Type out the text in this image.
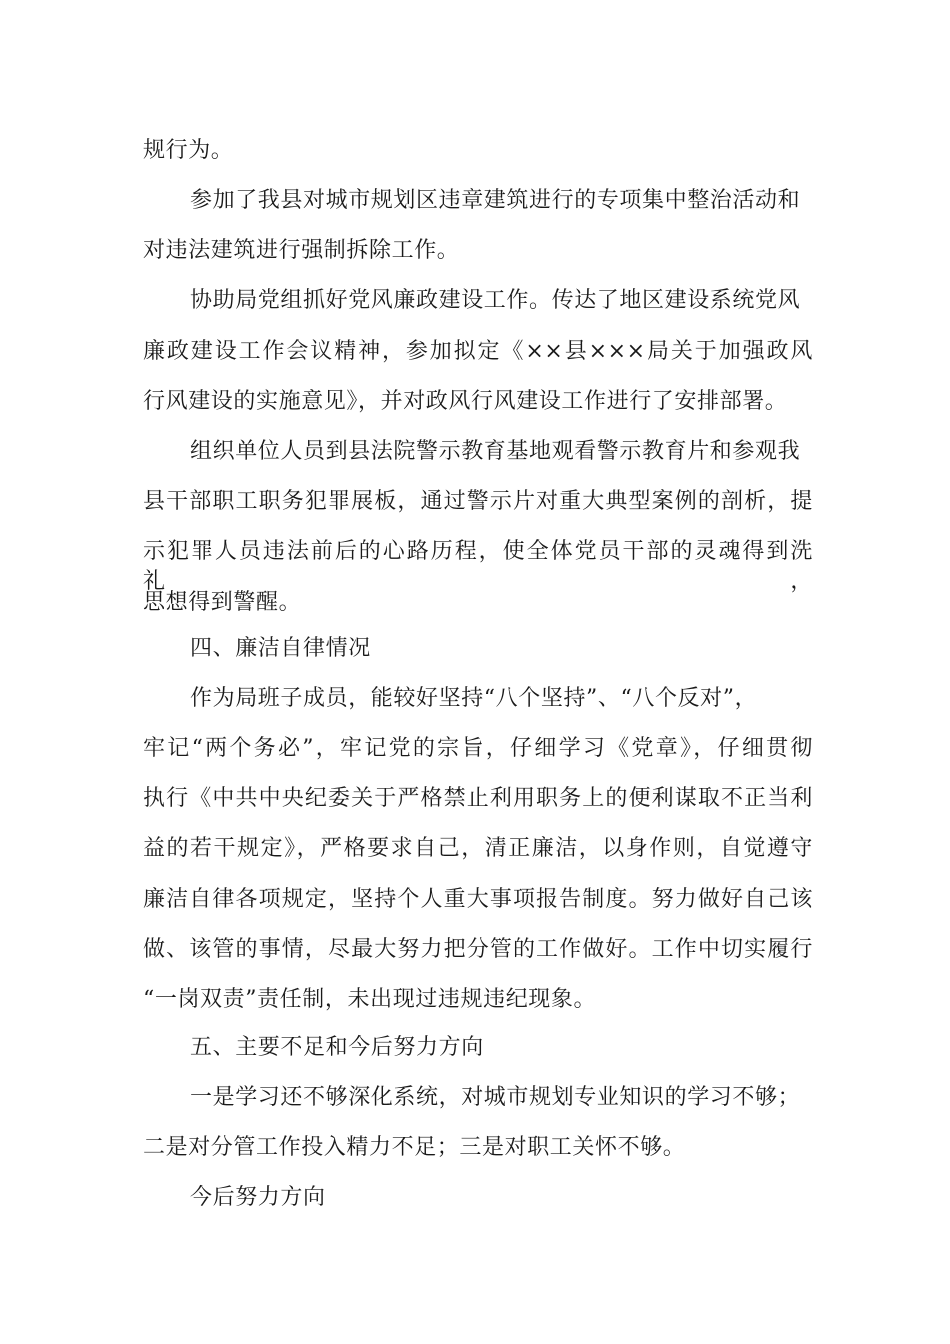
规行为。
参加了我县对城市规划区违章建筑进行的专项集中整治活动和
对违法建筑进行强制拆除工作。
协助局党组抓好党风廉政建设工作。传达了地区建设系统党风
廉政建设工作会议精神，参加拟定《××县×××局关于加强政风
行风建设的实施意见》，并对政风行风建设工作进行了安排部署。
组织单位人员到县法院警示教育基地观看警示教育片和参观我
县干部职工职务犯罪展板，通过警示片对重大典型案例的剖析，提
示犯罪人员违法前后的心路历程，使全体党员干部的灵魂得到洗礼，
思想得到警醒。
四、廉洁自律情况
作为局班子成员，能较好坚持“八个坚持”、“八个反对”，
牢记“两个务必”，牢记党的宗旨，仔细学习《党章》，仔细贯彻
执行《中共中央纪委关于严格禁止利用职务上的便利谋取不正当利
益的若干规定》，严格要求自己，清正廉洁，以身作则，自觉遵守
廉洁自律各项规定，坚持个人重大事项报告制度。努力做好自己该
做、该管的事情，尽最大努力把分管的工作做好。工作中切实履行
“一岗双责”责任制，未出现过违规违纪现象。
五、主要不足和今后努力方向
一是学习还不够深化系统，对城市规划专业知识的学习不够；
二是对分管工作投入精力不足；三是对职工关怀不够。
今后努力方向
